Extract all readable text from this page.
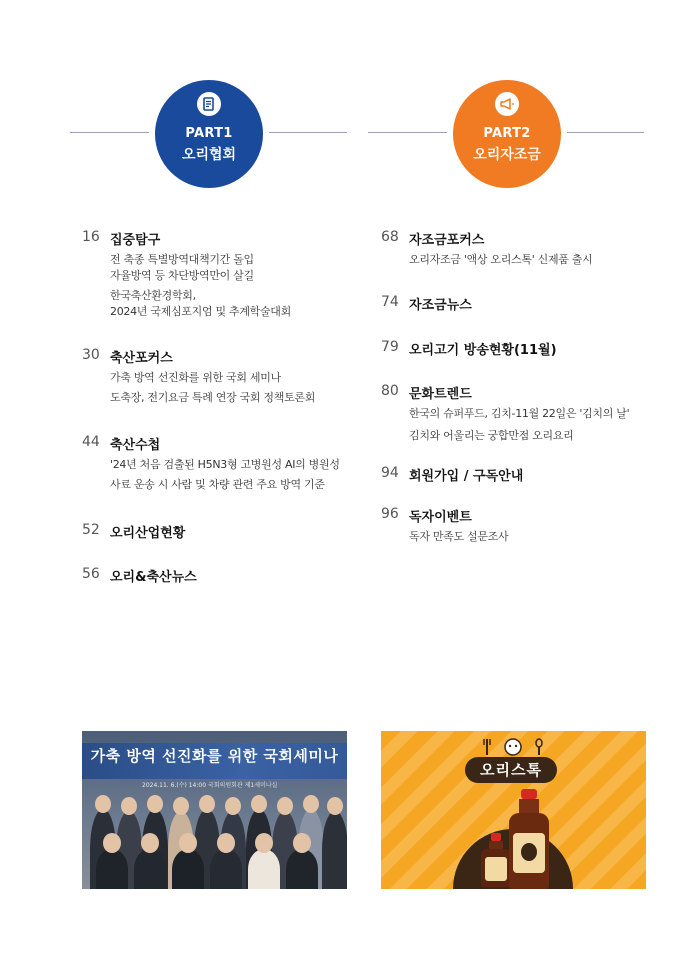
PART1
오리협회
PART2
오리자조금
16 집중탐구
전 축종 특별방역대책기간 돌입
자율방역 등 차단방역만이 살길
한국축산환경학회,
2024년 국제심포지엄 및 추계학술대회
30 축산포커스
가축 방역 선진화를 위한 국회 세미나
도축장, 전기요금 특례 연장 국회 정책토론회
44 축산수첩
'24년 처음 검출된 H5N3형 고병원성 AI의 병원성
사료 운송 시 사람 및 차량 관련 주요 방역 기준
52 오리산업현황
56 오리&축산뉴스
68 자조금포커스
오리자조금 '액상 오리스톡' 신제품 출시
74 자조금뉴스
79 오리고기 방송현황(11월)
80 문화트렌드
한국의 슈퍼푸드, 김치-11월 22일은 '김치의 날'
김치와 어울리는 궁합만점 오리요리
94 회원가입 / 구독안내
96 독자이벤트
독자 만족도 설문조사
가축 방역 선진화를 위한 국회세미나
2024.11. 6.(수) 14:00 국회의원회관 제1세미나실
오리스톡
